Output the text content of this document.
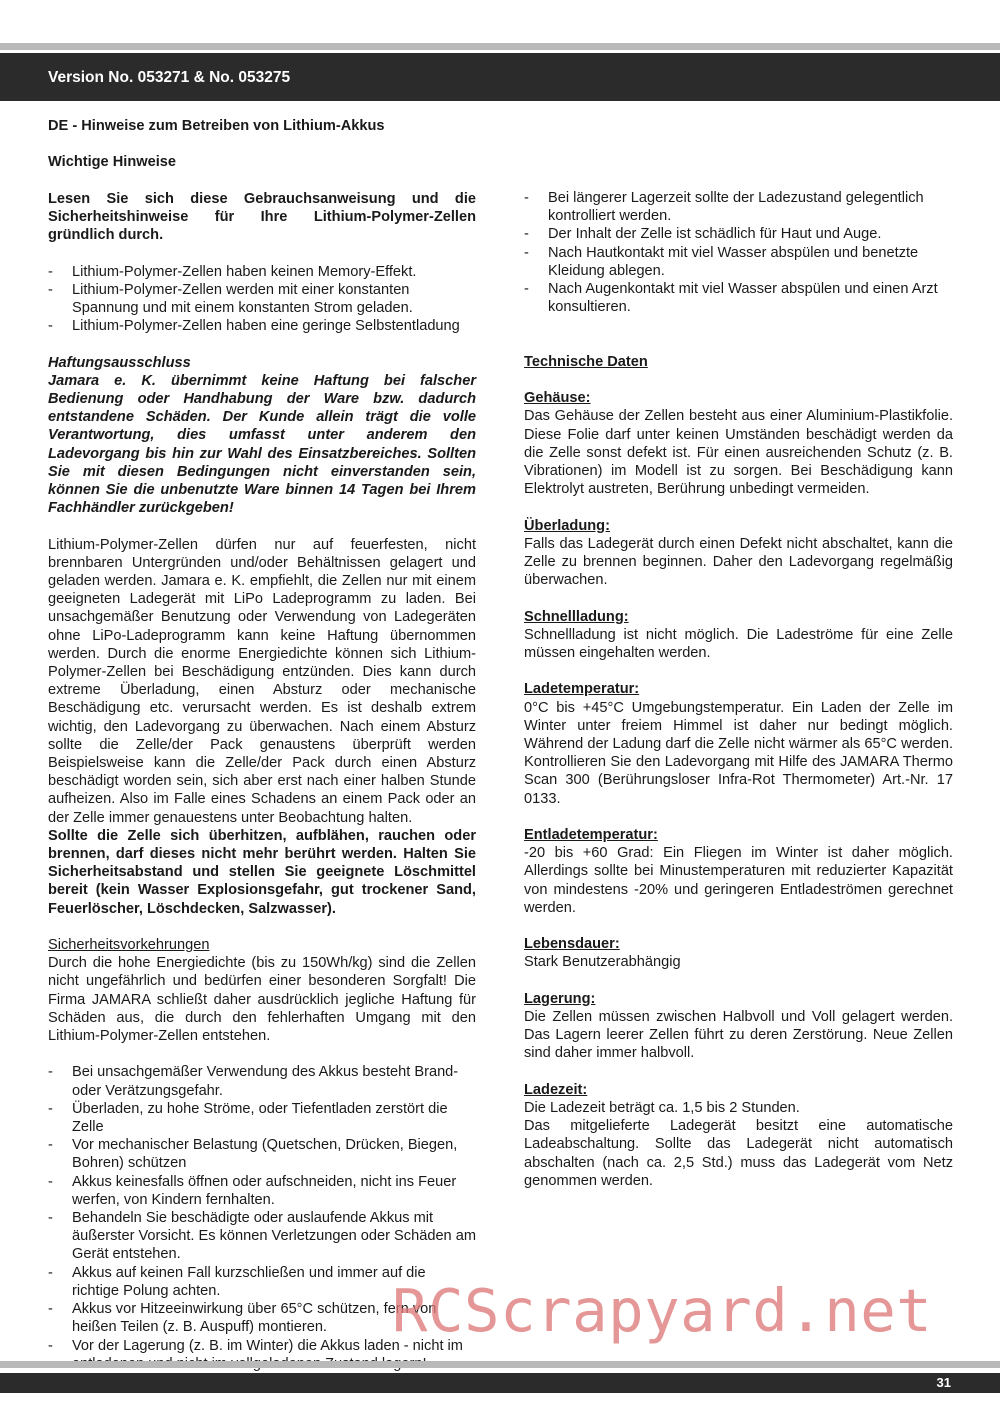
Version No. 053271 & No. 053275

DE - Hinweise zum Betreiben von Lithium-Akkus

Wichtige Hinweise

Lesen Sie sich diese Gebrauchsanweisung und die Sicherheitshinweise für Ihre Lithium-Polymer-Zellen gründlich durch.

- Lithium-Polymer-Zellen haben keinen Memory-Effekt.
- Lithium-Polymer-Zellen werden mit einer konstanten Spannung und mit einem konstanten Strom geladen.
- Lithium-Polymer-Zellen haben eine geringe Selbstentladung

Haftungsausschluss

Jamara e. K. übernimmt keine Haftung bei falscher Bedienung oder Handhabung der Ware bzw. dadurch entstandene Schäden. Der Kunde allein trägt die volle Verantwortung, dies umfasst unter anderem den Ladevorgang bis hin zur Wahl des Einsatzbereiches. Sollten Sie mit diesen Bedingungen nicht einverstanden sein, können Sie die unbenutzte Ware binnen 14 Tagen bei Ihrem Fachhändler zurückgeben!

Lithium-Polymer-Zellen dürfen nur auf feuerfesten, nicht brennbaren Untergründen und/oder Behältnissen gelagert und geladen werden. Jamara e. K. empfiehlt, die Zellen nur mit einem geeigneten Ladegerät mit LiPo Ladeprogramm zu laden. Bei unsachgemäßer Benutzung oder Verwendung von Ladegeräten ohne LiPo-Ladeprogramm kann keine Haftung übernommen werden. Durch die enorme Energiedichte können sich Lithium-Polymer-Zellen bei Beschädigung entzünden. Dies kann durch extreme Überladung, einen Absturz oder mechanische Beschädigung etc. verursacht werden. Es ist deshalb extrem wichtig, den Ladevorgang zu überwachen. Nach einem Absturz sollte die Zelle/der Pack genaustens überprüft werden Beispielsweise kann die Zelle/der Pack durch einen Absturz beschädigt worden sein, sich aber erst nach einer halben Stunde aufheizen. Also im Falle eines Schadens an einem Pack oder an der Zelle immer genauestens unter Beobachtung halten.

Sollte die Zelle sich überhitzen, aufblähen, rauchen oder brennen, darf dieses nicht mehr berührt werden. Halten Sie Sicherheitsabstand und stellen Sie geeignete Löschmittel bereit (kein Wasser Explosionsgefahr, gut trockener Sand, Feuerlöscher, Löschdecken, Salzwasser).

Sicherheitsvorkehrungen

Durch die hohe Energiedichte (bis zu 150Wh/kg) sind die Zellen nicht ungefährlich und bedürfen einer besonderen Sorgfalt! Die Firma JAMARA schließt daher ausdrücklich jegliche Haftung für Schäden aus, die durch den fehlerhaften Umgang mit den Lithium-Polymer-Zellen entstehen.

- Bei unsachgemäßer Verwendung des Akkus besteht Brand- oder Verätzungsgefahr.
- Überladen, zu hohe Ströme, oder Tiefentladen zerstört die Zelle
- Vor mechanischer Belastung (Quetschen, Drücken, Biegen, Bohren) schützen
- Akkus keinesfalls öffnen oder aufschneiden, nicht ins Feuer werfen, von Kindern fernhalten.
- Behandeln Sie beschädigte oder auslaufende Akkus mit äußerster Vorsicht. Es können Verletzungen oder Schäden am Gerät entstehen.
- Akkus auf keinen Fall kurzschließen und immer auf die richtige Polung achten.
- Akkus vor Hitzeeinwirkung über 65°C schützen, fern von heißen Teilen (z. B. Auspuff) montieren.
- Vor der Lagerung (z. B. im Winter) die Akkus laden - nicht im
- Bei längerer Lagerzeit sollte der Ladezustand gelegentlich kontrolliert werden.
- Der Inhalt der Zelle ist schädlich für Haut und Auge.
- Nach Hautkontakt mit viel Wasser abspülen und benetzte Kleidung ablegen.
- Nach Augenkontakt mit viel Wasser abspülen und einen Arzt konsultieren.

Technische Daten

Gehäuse:

Das Gehäuse der Zellen besteht aus einer Aluminium-Plastikfolie. Diese Folie darf unter keinen Umständen beschädigt werden da die Zelle sonst defekt ist. Für einen ausreichenden Schutz (z. B. Vibrationen) im Modell ist zu sorgen. Bei Beschädigung kann Elektrolyt austreten, Berührung unbedingt vermeiden.

Überladung:

Falls das Ladegerät durch einen Defekt nicht abschaltet, kann die Zelle zu brennen beginnen. Daher den Ladevorgang regelmäßig überwachen.

Schnellladung:

Schnellladung ist nicht möglich. Die Ladeströme für eine Zelle müssen eingehalten werden.

Ladetemperatur:

0°C bis +45°C Umgebungstemperatur. Ein Laden der Zelle im Winter unter freiem Himmel ist daher nur bedingt möglich. Während der Ladung darf die Zelle nicht wärmer als 65°C werden. Kontrollieren Sie den Ladevorgang mit Hilfe des JAMARA Thermo Scan 300 (Berührungsloser Infra-Rot Thermometer) Art.-Nr. 17 0133.

Entladetemperatur:

-20 bis +60 Grad: Ein Fliegen im Winter ist daher möglich. Allerdings sollte bei Minustemperaturen mit reduzierter Kapazität von mindestens -20% und geringeren Entladeströmen gerechnet werden.

Lebensdauer:

Stark Benutzerabhängig

Lagerung:

Die Zellen müssen zwischen Halbvoll und Voll gelagert werden. Das Lagern leerer Zellen führt zu deren Zerstörung. Neue Zellen sind daher immer halbvoll.

Ladezeit:

Die Ladezeit beträgt ca. 1,5 bis 2 Stunden.

Das mitgelieferte Ladegerät besitzt eine automatische Ladeabschaltung. Sollte das Ladegerät nicht automatisch abschalten (nach ca. 2,5 Std.) muss das Ladegerät vom Netz genommen werden.

RCScrapyard.net
31
